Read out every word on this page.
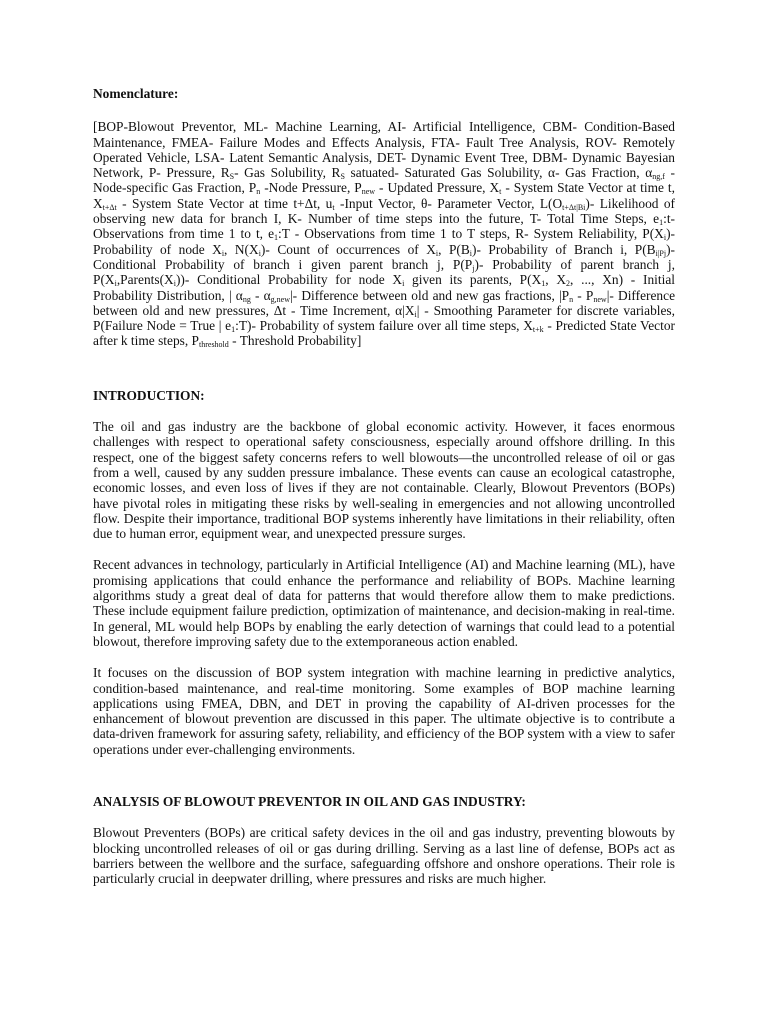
Nomenclature:

[BOP-Blowout Preventor, ML- Machine Learning, AI- Artificial Intelligence, CBM- Condition-Based Maintenance, FMEA- Failure Modes and Effects Analysis, FTA- Fault Tree Analysis, ROV- Remotely Operated Vehicle, LSA- Latent Semantic Analysis, DET- Dynamic Event Tree, DBM- Dynamic Bayesian Network, P- Pressure, $R_S-$ Gas Solubility, $R_S$ satuated- Saturated Gas Solubility, α- Gas Fraction, $\alpha_{ng,f}$ - Node-specific Gas Fraction, $P_n$ -Node Pressure, $P_{new}$ - Updated Pressure, $X_t$ - System State Vector at time t, $X_{t+\Delta t}$ - System State Vector at time t+Δt, $u_t$ -Input Vector, θ- Parameter Vector, $L(O_{t+\Delta t|Bi})-$ Likelihood of observing new data for branch I, K- Number of time steps into the future, T- Total Time Steps, $e_1:t-$ Observations from time 1 to t, $e_1:T$ - Observations from time 1 to T steps, R- System Reliability, $P(X_i)-$ Probability of node $X_i$, $N(X_i)-$ Count of occurrences of $X_i$, $P(B_i)-$ Probability of Branch i, $P(B_{i|Pj})-$ Conditional Probability of branch i given parent branch j, $P(P_j)-$ Probability of parent branch j, $P(X_i,Parents(X_i))-$ Conditional Probability for node $X_i$ given its parents, $P(X_1$, $X_2$, ..., Xn) - Initial Probability Distribution, | $\alpha_{ng} - \alpha_{g,new}|-$ Difference between old and new gas fractions, $|P_n - P_{new}|-$ Difference between old and new pressures, Δt - Time Increment, $\alpha|X_i|$ - Smoothing Parameter for discrete variables, P(Failure Node = True | $e_1:T)-$ Probability of system failure over all time steps, $X_{t+k}$ - Predicted State Vector after k time steps, $P_{threshold}$ - Threshold Probability]

INTRODUCTION:

The oil and gas industry are the backbone of global economic activity. However, it faces enormous challenges with respect to operational safety consciousness, especially around offshore drilling. In this respect, one of the biggest safety concerns refers to well blowouts—the uncontrolled release of oil or gas from a well, caused by any sudden pressure imbalance. These events can cause an ecological catastrophe, economic losses, and even loss of lives if they are not containable. Clearly, Blowout Preventors (BOPs) have pivotal roles in mitigating these risks by well-sealing in emergencies and not allowing uncontrolled flow. Despite their importance, traditional BOP systems inherently have limitations in their reliability, often due to human error, equipment wear, and unexpected pressure surges.

Recent advances in technology, particularly in Artificial Intelligence (AI) and Machine learning (ML), have promising applications that could enhance the performance and reliability of BOPs. Machine learning algorithms study a great deal of data for patterns that would therefore allow them to make predictions. These include equipment failure prediction, optimization of maintenance, and decision-making in real-time. In general, ML would help BOPs by enabling the early detection of warnings that could lead to a potential blowout, therefore improving safety due to the extemporaneous action enabled.

It focuses on the discussion of BOP system integration with machine learning in predictive analytics, condition-based maintenance, and real-time monitoring. Some examples of BOP machine learning applications using FMEA, DBN, and DET in proving the capability of AI-driven processes for the enhancement of blowout prevention are discussed in this paper. The ultimate objective is to contribute a data-driven framework for assuring safety, reliability, and efficiency of the BOP system with a view to safer operations under ever-challenging environments.

ANALYSIS OF BLOWOUT PREVENTOR IN OIL AND GAS INDUSTRY:

Blowout Preventers (BOPs) are critical safety devices in the oil and gas industry, preventing blowouts by blocking uncontrolled releases of oil or gas during drilling. Serving as a last line of defense, BOPs act as barriers between the wellbore and the surface, safeguarding offshore and onshore operations. Their role is particularly crucial in deepwater drilling, where pressures and risks are much higher.
